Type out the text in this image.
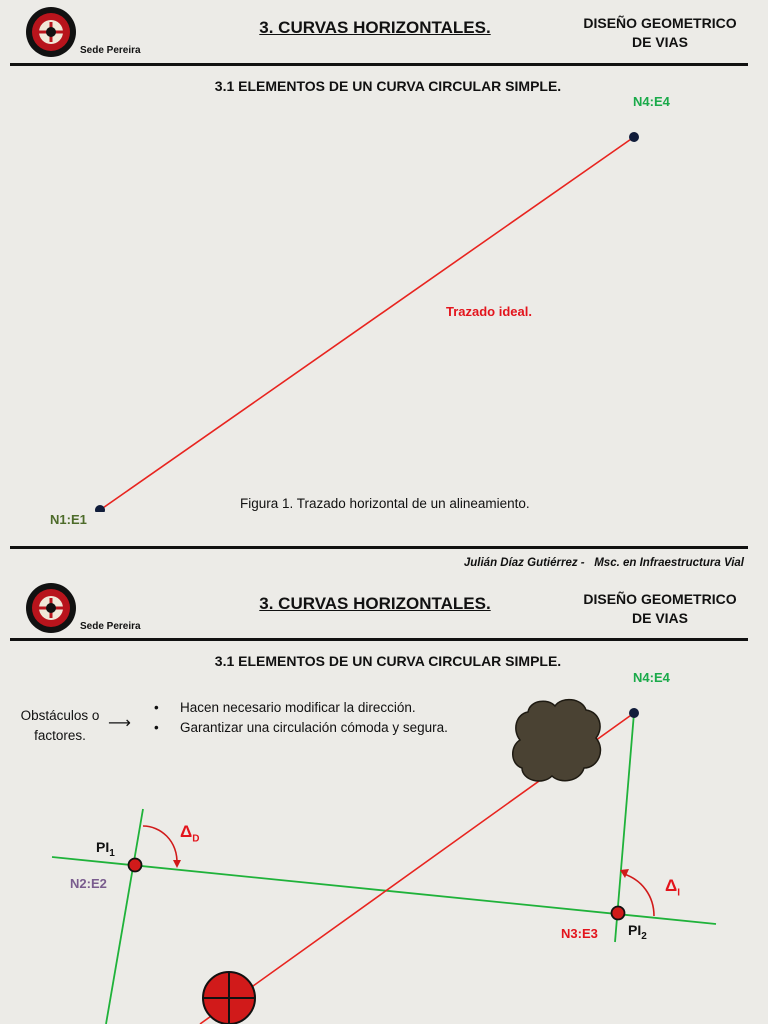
Sede Pereira
3. CURVAS HORIZONTALES.	DISEÑO GEOMETRICO
DE VIAS
3.1 ELEMENTOS DE UN CURVA CIRCULAR SIMPLE.
N4:E4
Trazado ideal.
Figura 1. Trazado horizontal de un alineamiento.
N1:E1
Julián Díaz Gutiérrez -   Msc. en Infraestructura Vial
Sede Pereira
3. CURVAS HORIZONTALES.	DISEÑO GEOMETRICO
DE VIAS
3.1 ELEMENTOS DE UN CURVA CIRCULAR SIMPLE.
Obstáculos o factores.
⟶
• Hacen necesario modificar la dirección.
• Garantizar una circulación cómoda y segura.
N4:E4
$PI_1$
N2:E2
$\Delta_D$
$\Delta_I$
N3:E3 $PI_2$
